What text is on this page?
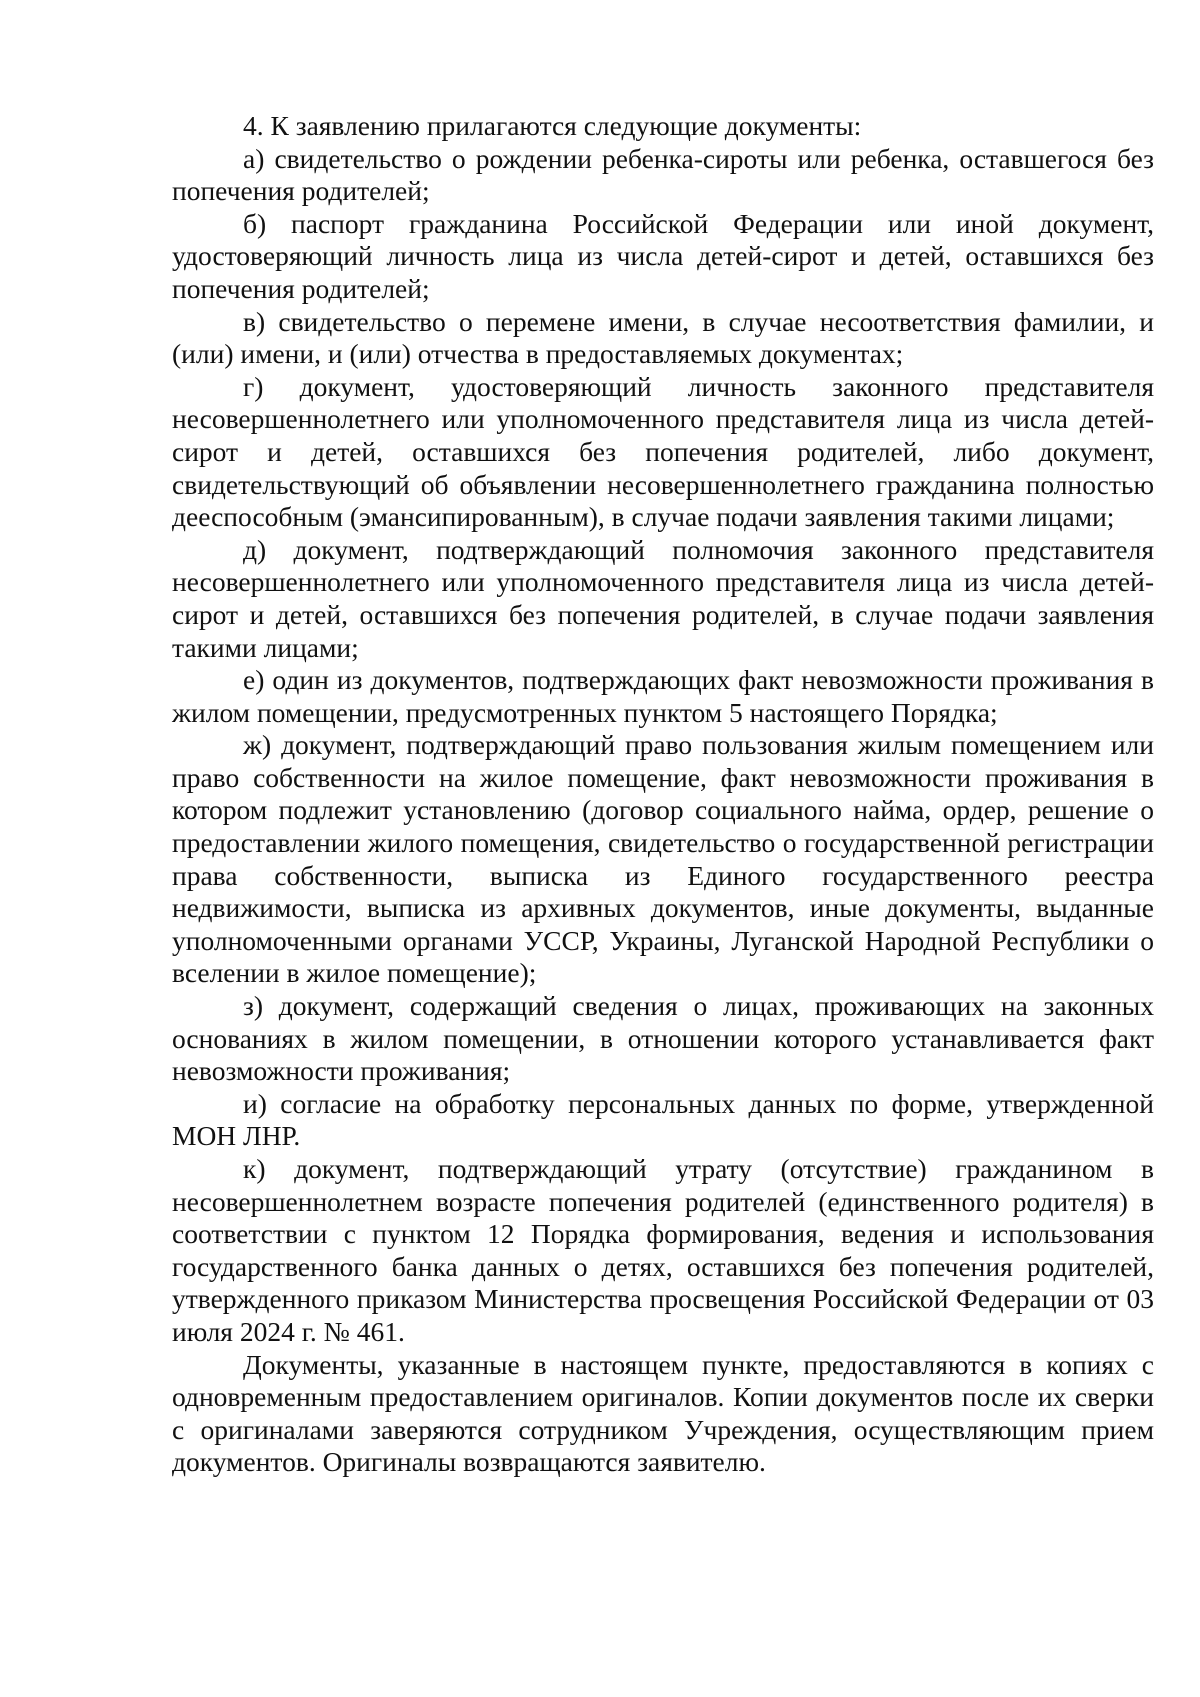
4. К заявлению прилагаются следующие документы:

а) свидетельство о рождении ребенка-сироты или ребенка, оставшегося без попечения родителей;

б) паспорт гражданина Российской Федерации или иной документ, удостоверяющий личность лица из числа детей-сирот и детей, оставшихся без попечения родителей;

в) свидетельство о перемене имени, в случае несоответствия фамилии, и (или) имени, и (или) отчества в предоставляемых документах;

г) документ, удостоверяющий личность законного представителя несовершеннолетнего или уполномоченного представителя лица из числа детей-сирот и детей, оставшихся без попечения родителей, либо документ, свидетельствующий об объявлении несовершеннолетнего гражданина полностью дееспособным (эмансипированным), в случае подачи заявления такими лицами;

д) документ, подтверждающий полномочия законного представителя несовершеннолетнего или уполномоченного представителя лица из числа детей-сирот и детей, оставшихся без попечения родителей, в случае подачи заявления такими лицами;

е) один из документов, подтверждающих факт невозможности проживания в жилом помещении, предусмотренных пунктом 5 настоящего Порядка;

ж) документ, подтверждающий право пользования жилым помещением или право собственности на жилое помещение, факт невозможности проживания в котором подлежит установлению (договор социального найма, ордер, решение о предоставлении жилого помещения, свидетельство о государственной регистрации права собственности, выписка из Единого государственного реестра недвижимости, выписка из архивных документов, иные документы, выданные уполномоченными органами УССР, Украины, Луганской Народной Республики о вселении в жилое помещение);

з) документ, содержащий сведения о лицах, проживающих на законных основаниях в жилом помещении, в отношении которого устанавливается факт невозможности проживания;

и) согласие на обработку персональных данных по форме, утвержденной МОН ЛНР.

к) документ, подтверждающий утрату (отсутствие) гражданином в несовершеннолетнем возрасте попечения родителей (единственного родителя) в соответствии с пунктом 12 Порядка формирования, ведения и использования государственного банка данных о детях, оставшихся без попечения родителей, утвержденного приказом Министерства просвещения Российской Федерации от 03 июля 2024 г. № 461.

Документы, указанные в настоящем пункте, предоставляются в копиях с одновременным предоставлением оригиналов. Копии документов после их сверки с оригиналами заверяются сотрудником Учреждения, осуществляющим прием документов. Оригиналы возвращаются заявителю.
